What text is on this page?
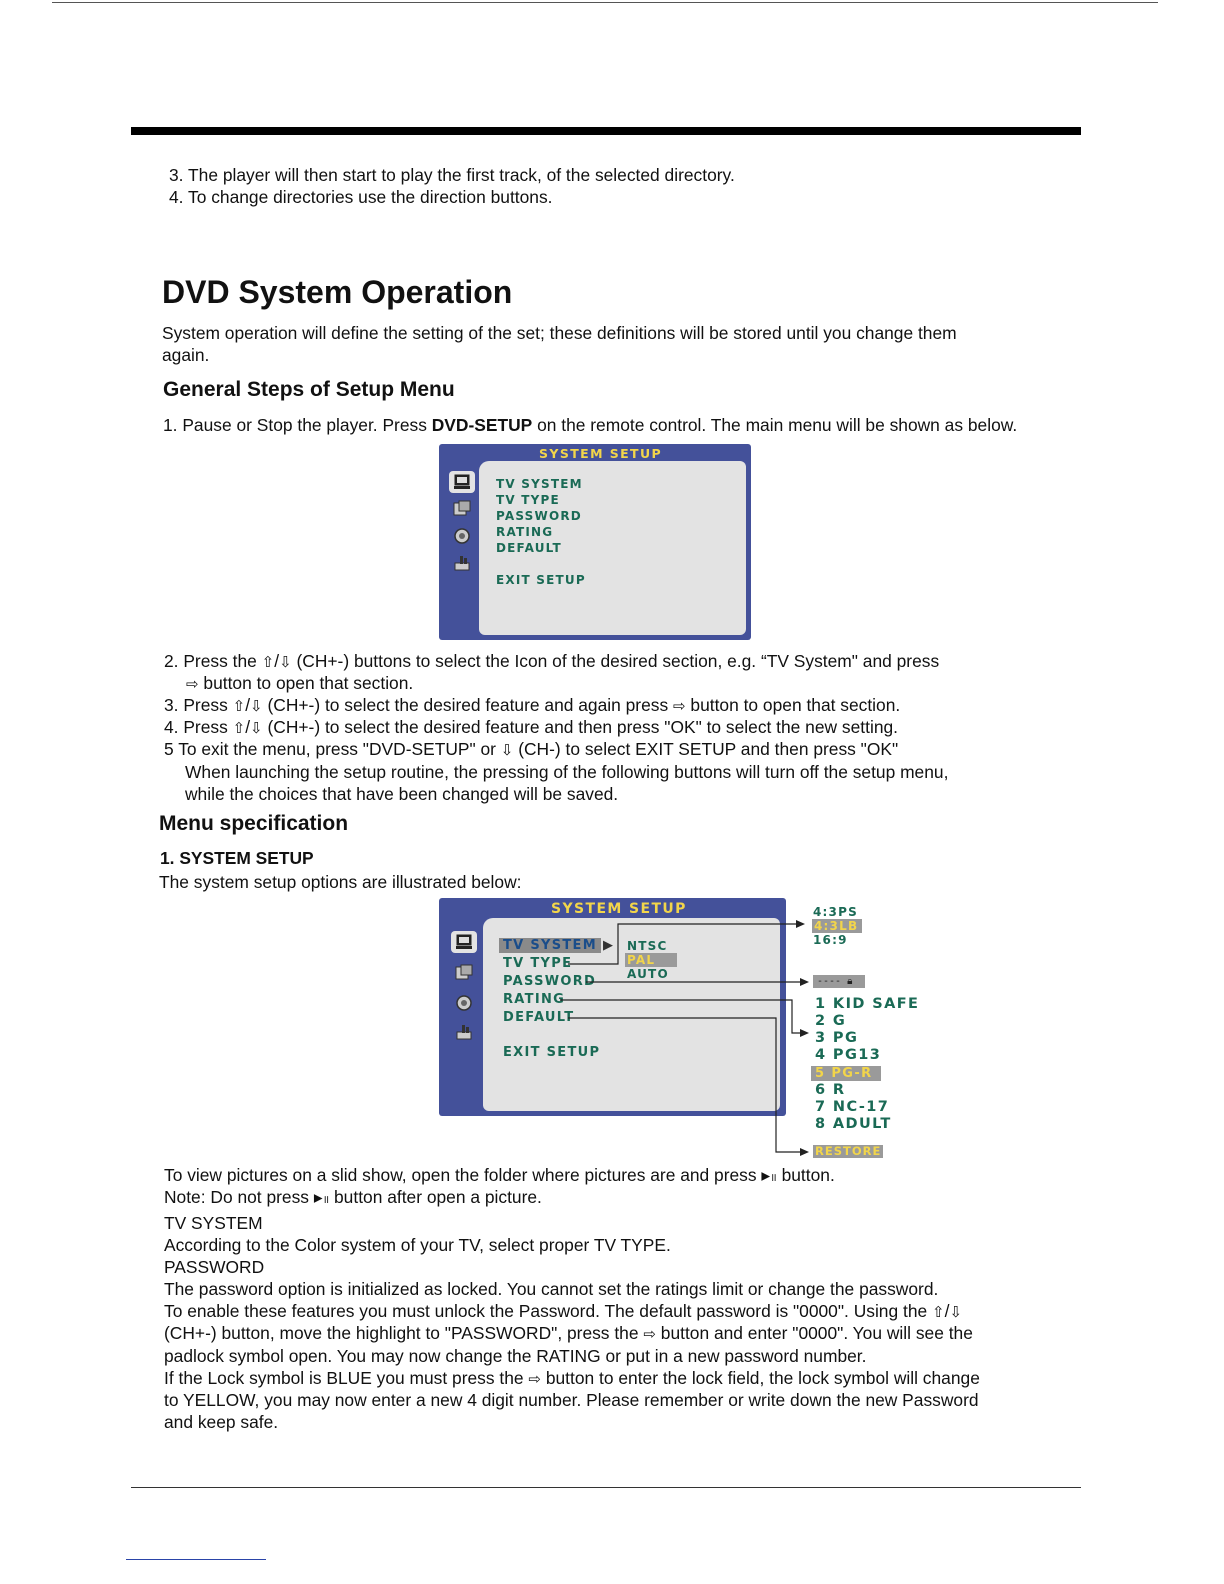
3. The player will then start to play the first track, of the selected directory.
4. To change directories use the direction buttons.
DVD System Operation
System operation will define the setting of the set; these definitions will be stored until you change them
again.
General Steps of Setup Menu
1. Pause or Stop the player. Press DVD-SETUP on the remote control. The main menu will be shown as below.
SYSTEM SETUP
TV SYSTEM
TV TYPE
PASSWORD
RATING
DEFAULT
EXIT SETUP
2. Press the ⇧/⇩ (CH+-) buttons to select the Icon of the desired section, e.g. “TV System" and press
⇨ button to open that section.
3. Press ⇧/⇩ (CH+-) to select the desired feature and again press ⇨ button to open that section.
4. Press ⇧/⇩ (CH+-) to select the desired feature and then press "OK" to select the new setting.
5 To exit the menu, press "DVD-SETUP" or ⇩ (CH-) to select EXIT SETUP and then press "OK"
When launching the setup routine, the pressing of the following buttons will turn off the setup menu,
while the choices that have been changed will be saved.
Menu specification
1. SYSTEM SETUP
The system setup options are illustrated below:
SYSTEM SETUP
TV SYSTEM ▶
TV TYPE
PASSWORD
RATING
DEFAULT
EXIT SETUP
NTSC
PAL
AUTO
4:3PS
4:3LB
16:9
---- 🔒︎
1 KID SAFE
2 G
3 PG
4 PG13
5 PG-R
6 R
7 NC-17
8 ADULT
RESTORE
To view pictures on a slid show, open the folder where pictures are and press ▸॥ button.
Note: Do not press ▸॥ button after open a picture.
TV SYSTEM
According to the Color system of your TV, select proper TV TYPE.
PASSWORD
The password option is initialized as locked. You cannot set the ratings limit or change the password.
To enable these features you must unlock the Password. The default password is "0000". Using the ⇧/⇩
(CH+-) button, move the highlight to "PASSWORD", press the ⇨ button and enter "0000". You will see the
padlock symbol open. You may now change the RATING or put in a new password number.
If the Lock symbol is BLUE you must press the ⇨ button to enter the lock field, the lock symbol will change
to YELLOW, you may now enter a new 4 digit number. Please remember or write down the new Password
and keep safe.
